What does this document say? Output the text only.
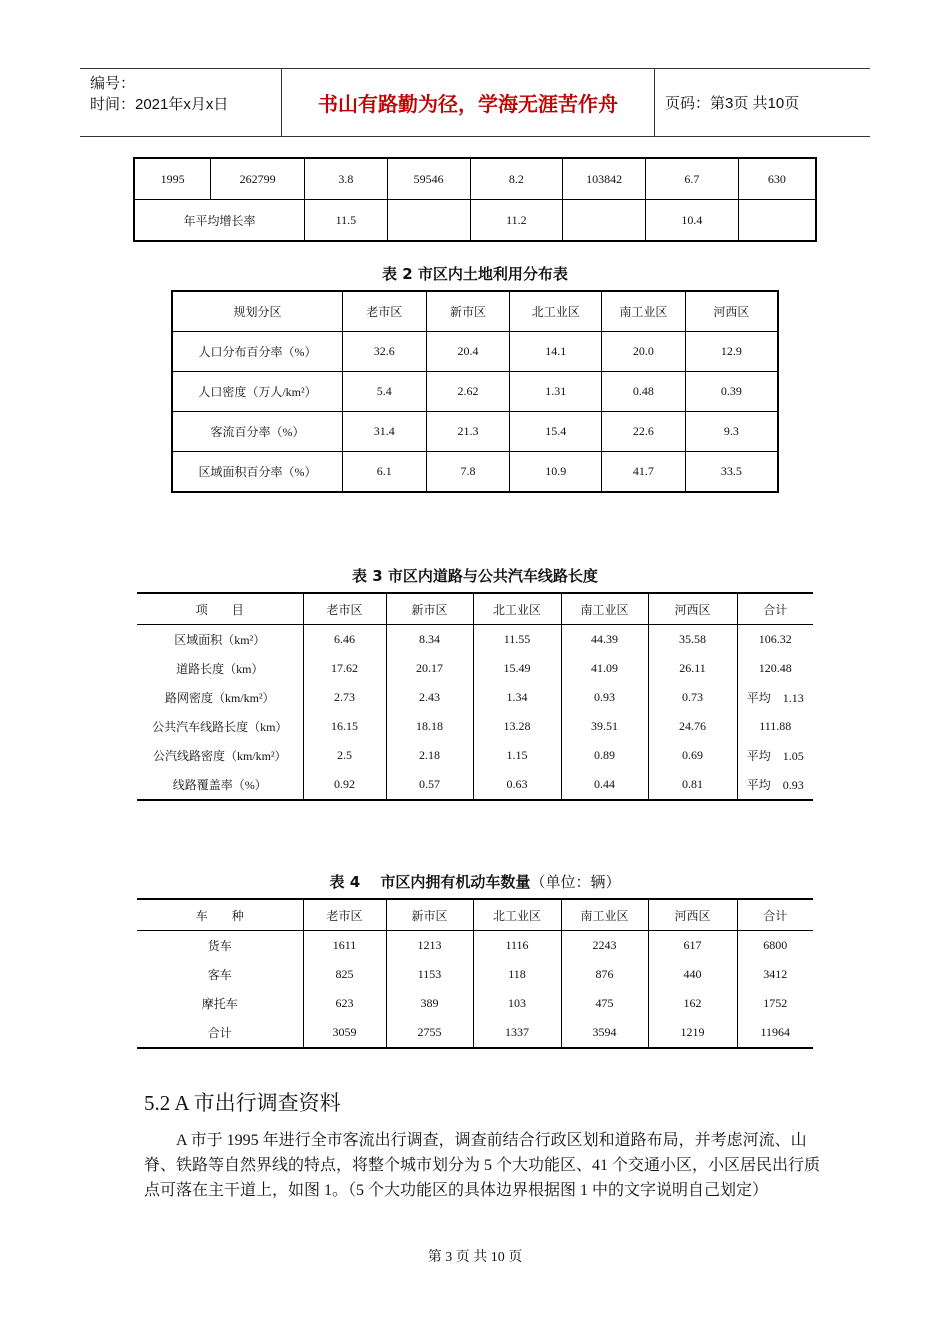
编号：
时间：2021年x月x日	书山有路勤为径，学海无涯苦作舟	页码：第3页 共10页
1995	262799	3.8	59546	8.2	103842	6.7	630
年平均增长率		11.5		11.2		10.4	
表 2 市区内土地利用分布表
规划分区	老市区	新市区	北工业区	南工业区	河西区
人口分布百分率（%）	32.6	20.4	14.1	20.0	12.9
人口密度（万人/km²）	5.4	2.62	1.31	0.48	0.39
客流百分率（%）	31.4	21.3	15.4	22.6	9.3
区域面积百分率（%）	6.1	7.8	10.9	41.7	33.5
表 3 市区内道路与公共汽车线路长度
项　　目	老市区	新市区	北工业区	南工业区	河西区	合计
区域面积（km²）	6.46	8.34	11.55	44.39	35.58	106.32
道路长度（km）	17.62	20.17	15.49	41.09	26.11	120.48
路网密度（km/km²）	2.73	2.43	1.34	0.93	0.73	平均　1.13
公共汽车线路长度（km）	16.15	18.18	13.28	39.51	24.76	111.88
公汽线路密度（km/km²）	2.5	2.18	1.15	0.89	0.69	平均　1.05
线路覆盖率（%）	0.92	0.57	0.63	0.44	0.81	平均　0.93
表 4　 市区内拥有机动车数量（单位：辆）
车　　种	老市区	新市区	北工业区	南工业区	河西区	合计
货车	1611	1213	1116	2243	617	6800
客车	825	1153	118	876	440	3412
摩托车	623	389	103	475	162	1752
合计	3059	2755	1337	3594	1219	11964
5.2 A 市出行调查资料
A 市于 1995 年进行全市客流出行调查，调查前结合行政区划和道路布局，并考虑河流、山脊、铁路等自然界线的特点，将整个城市划分为 5 个大功能区、41 个交通小区，小区居民出行质点可落在主干道上，如图 1。（5 个大功能区的具体边界根据图 1 中的文字说明自己划定）
第 3 页 共 10 页
